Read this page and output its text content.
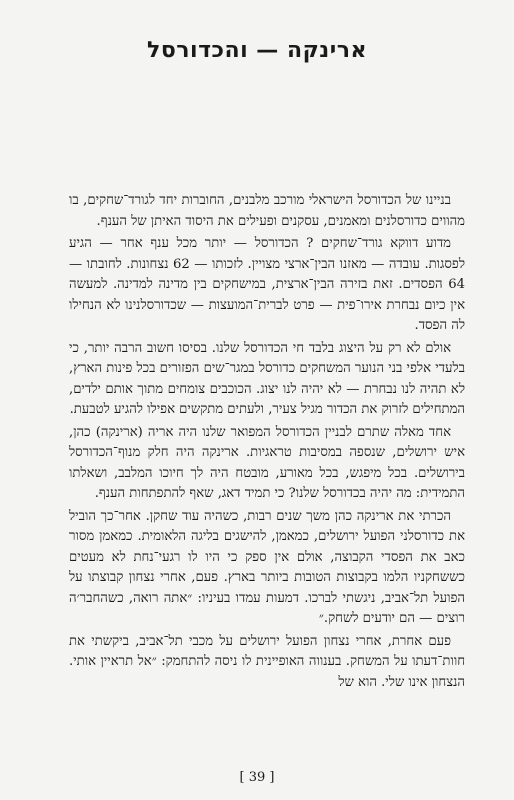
ארינקה — והכדורסל

בניינו של הכדורסל הישראלי מורכב מלבנים, החוברות יחד לגורד־שחקים, בו מהווים כדורסלנים ומאמנים, עסקנים ופעילים את היסוד האיתן של הענף.

מדוע דווקא גורד־שחקים ? הכדורסל — יותר מכל ענף אחר — הגיע לפסגות. עובדה — מאזנו הבין־ארצי מצויין. לזכותו — 62 נצחונות. לחובתו — 64 הפסדים. זאת בזירה הבין־ארצית, במישחקים בין מדינה למדינה. למעשה אין כיום נבחרת אירו־פית — פרט לברית־המועצות — שכדורסלנינו לא הנחילו לה הפסד.

אולם לא רק על היצוג בלבד חי הכדורסל שלנו. בסיסו חשוב הרבה יותר, כי בלעדי אלפי בני הנוער המשחקים כדורסל במגר־שים הפזורים בכל פינות הארץ, לא תהיה לנו נבחרת — לא יהיה לנו יצוג. הכוכבים צומחים מתוך אותם ילדים, המתחילים לזרוק את הכדור מגיל צעיר, ולעתים מתקשים אפילו להגיע לטבעת.

אחד מאלה שתרם לבניין הכדורסל המפואר שלנו היה אריה (ארינקה) כהן, איש ירושלים, שנספה במסיבות טראגיות. ארינקה היה חלק מנוף־הכדורסל בירושלים. בכל מיפגש, בכל מאורע, מובטח היה לך חיוכו המלבב, ושאלתו התמידית: מה יהיה בכדורסל שלנו? כי תמיד דאג, שאף להתפתחות הענף.

הכרתי את ארינקה כהן משך שנים רבות, כשהיה עוד שחקן. אחר־כך הוביל את כדורסלני הפועל ירושלים, כמאמן, להישגים בליגה הלאומית. כמאמן מסור כאב את הפסדי הקבוצה, אולם אין ספק כי היו לו רגעי־נחת לא מעטים כששחקניו הלמו בקבוצות הטובות ביותר בארץ. פעם, אחרי נצחון קבוצתו על הפועל תל־אביב, ניגשתי לברכו. דמעות עמדו בעיניו: ״אתה רואה, כשהחבר׳ה רוצים — הם יודעים לשחק.״

פעם אחרת, אחרי נצחון הפועל ירושלים על מכבי תל־אביב, ביקשתי את חוות־דעתו על המשחק. בענווה האופיינית לו ניסה להתחמק: ״אל תראיין אותי. הנצחון אינו שלי. הוא של

[ 39 ]
